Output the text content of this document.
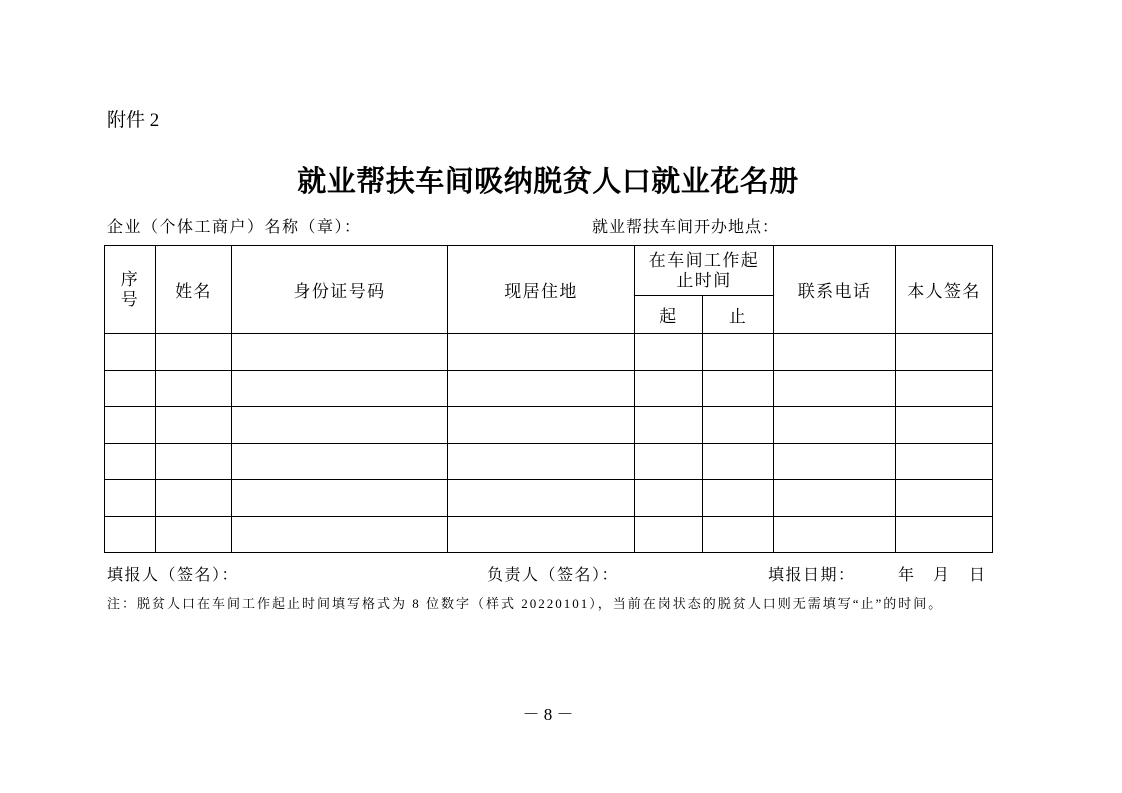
附件 2
就业帮扶车间吸纳脱贫人口就业花名册
企业（个体工商户）名称（章）：	就业帮扶车间开办地点：
序号	姓名	身份证号码	现居住地	在车间工作起止时间		联系电话	本人签名
				起	止		

填报人（签名）：	负责人（签名）：	填报日期：	年 月 日
注：脱贫人口在车间工作起止时间填写格式为 8 位数字（样式 20220101），当前在岗状态的脱贫人口则无需填写“止”的时间。
－ 8 －
